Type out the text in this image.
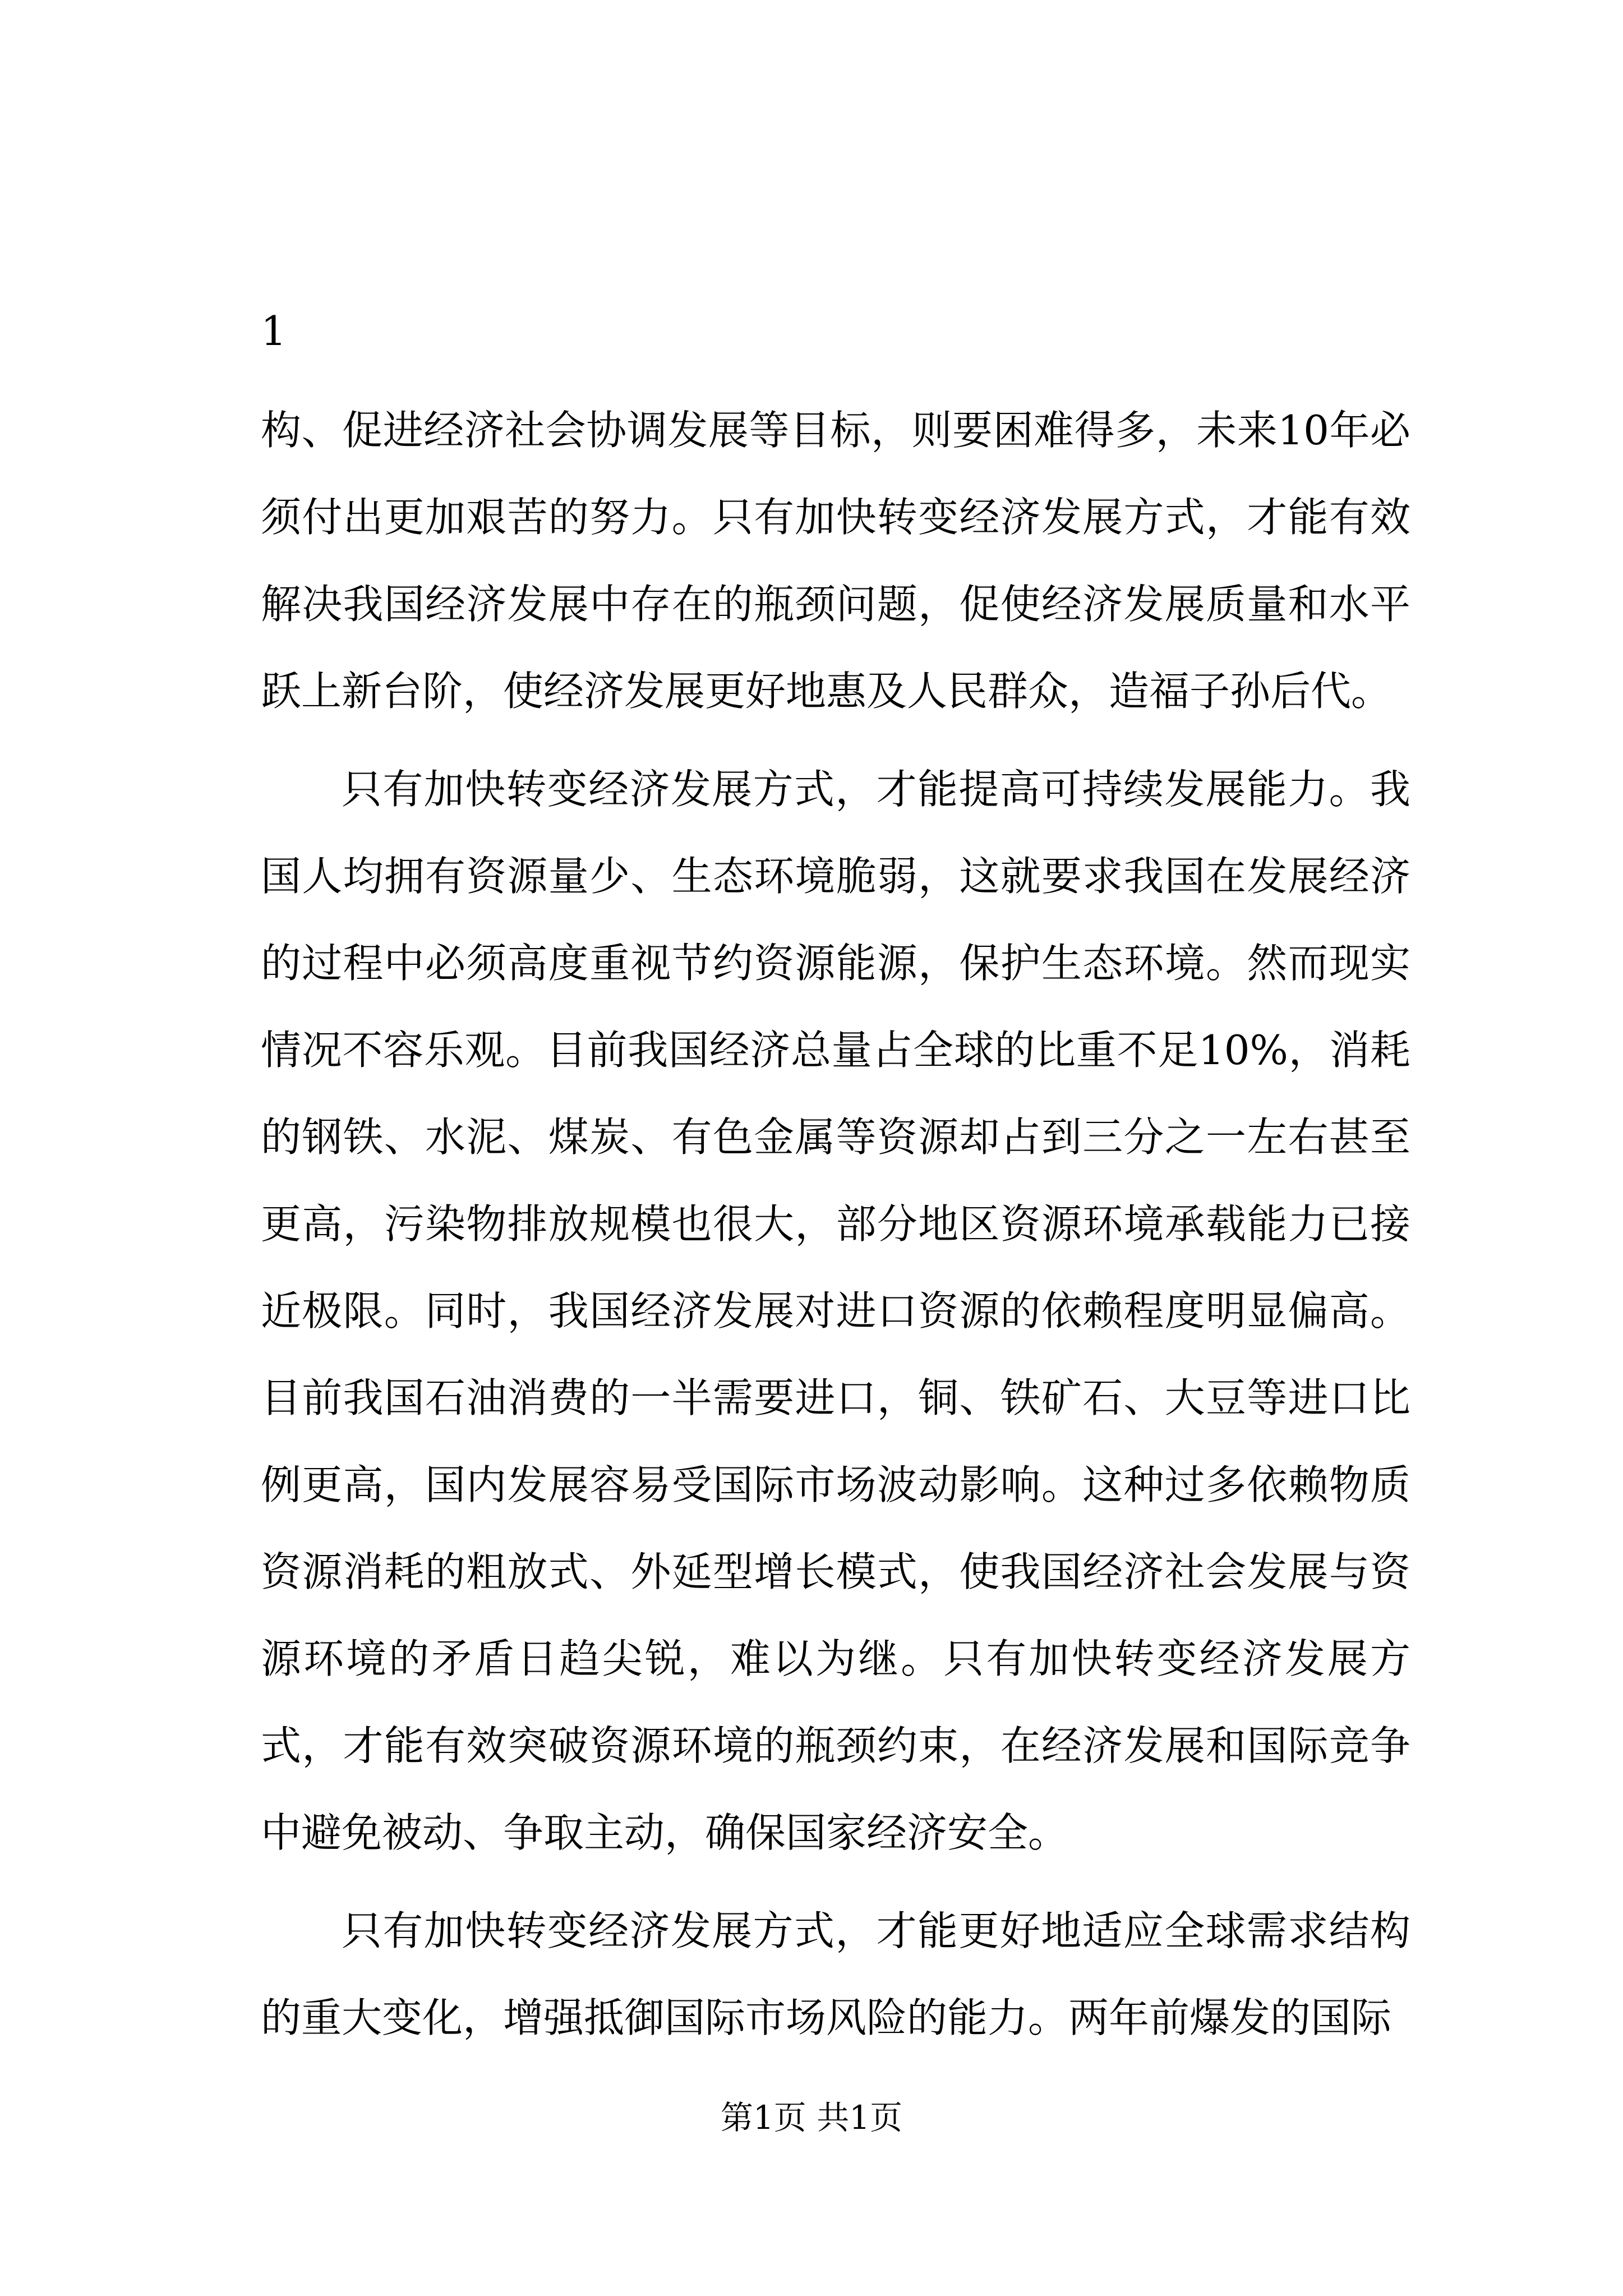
1

构、促进经济社会协调发展等目标，则要困难得多，未来10年必须付出更加艰苦的努力。只有加快转变经济发展方式，才能有效解决我国经济发展中存在的瓶颈问题，促使经济发展质量和水平跃上新台阶，使经济发展更好地惠及人民群众，造福子孙后代。

只有加快转变经济发展方式，才能提高可持续发展能力。我国人均拥有资源量少、生态环境脆弱，这就要求我国在发展经济的过程中必须高度重视节约资源能源，保护生态环境。然而现实情况不容乐观。目前我国经济总量占全球的比重不足10%，消耗的钢铁、水泥、煤炭、有色金属等资源却占到三分之一左右甚至更高，污染物排放规模也很大，部分地区资源环境承载能力已接近极限。同时，我国经济发展对进口资源的依赖程度明显偏高。目前我国石油消费的一半需要进口，铜、铁矿石、大豆等进口比例更高，国内发展容易受国际市场波动影响。这种过多依赖物质资源消耗的粗放式、外延型增长模式，使我国经济社会发展与资源环境的矛盾日趋尖锐，难以为继。只有加快转变经济发展方式，才能有效突破资源环境的瓶颈约束，在经济发展和国际竞争中避免被动、争取主动，确保国家经济安全。

只有加快转变经济发展方式，才能更好地适应全球需求结构的重大变化，增强抵御国际市场风险的能力。两年前爆发的国际

第1页 共1页
